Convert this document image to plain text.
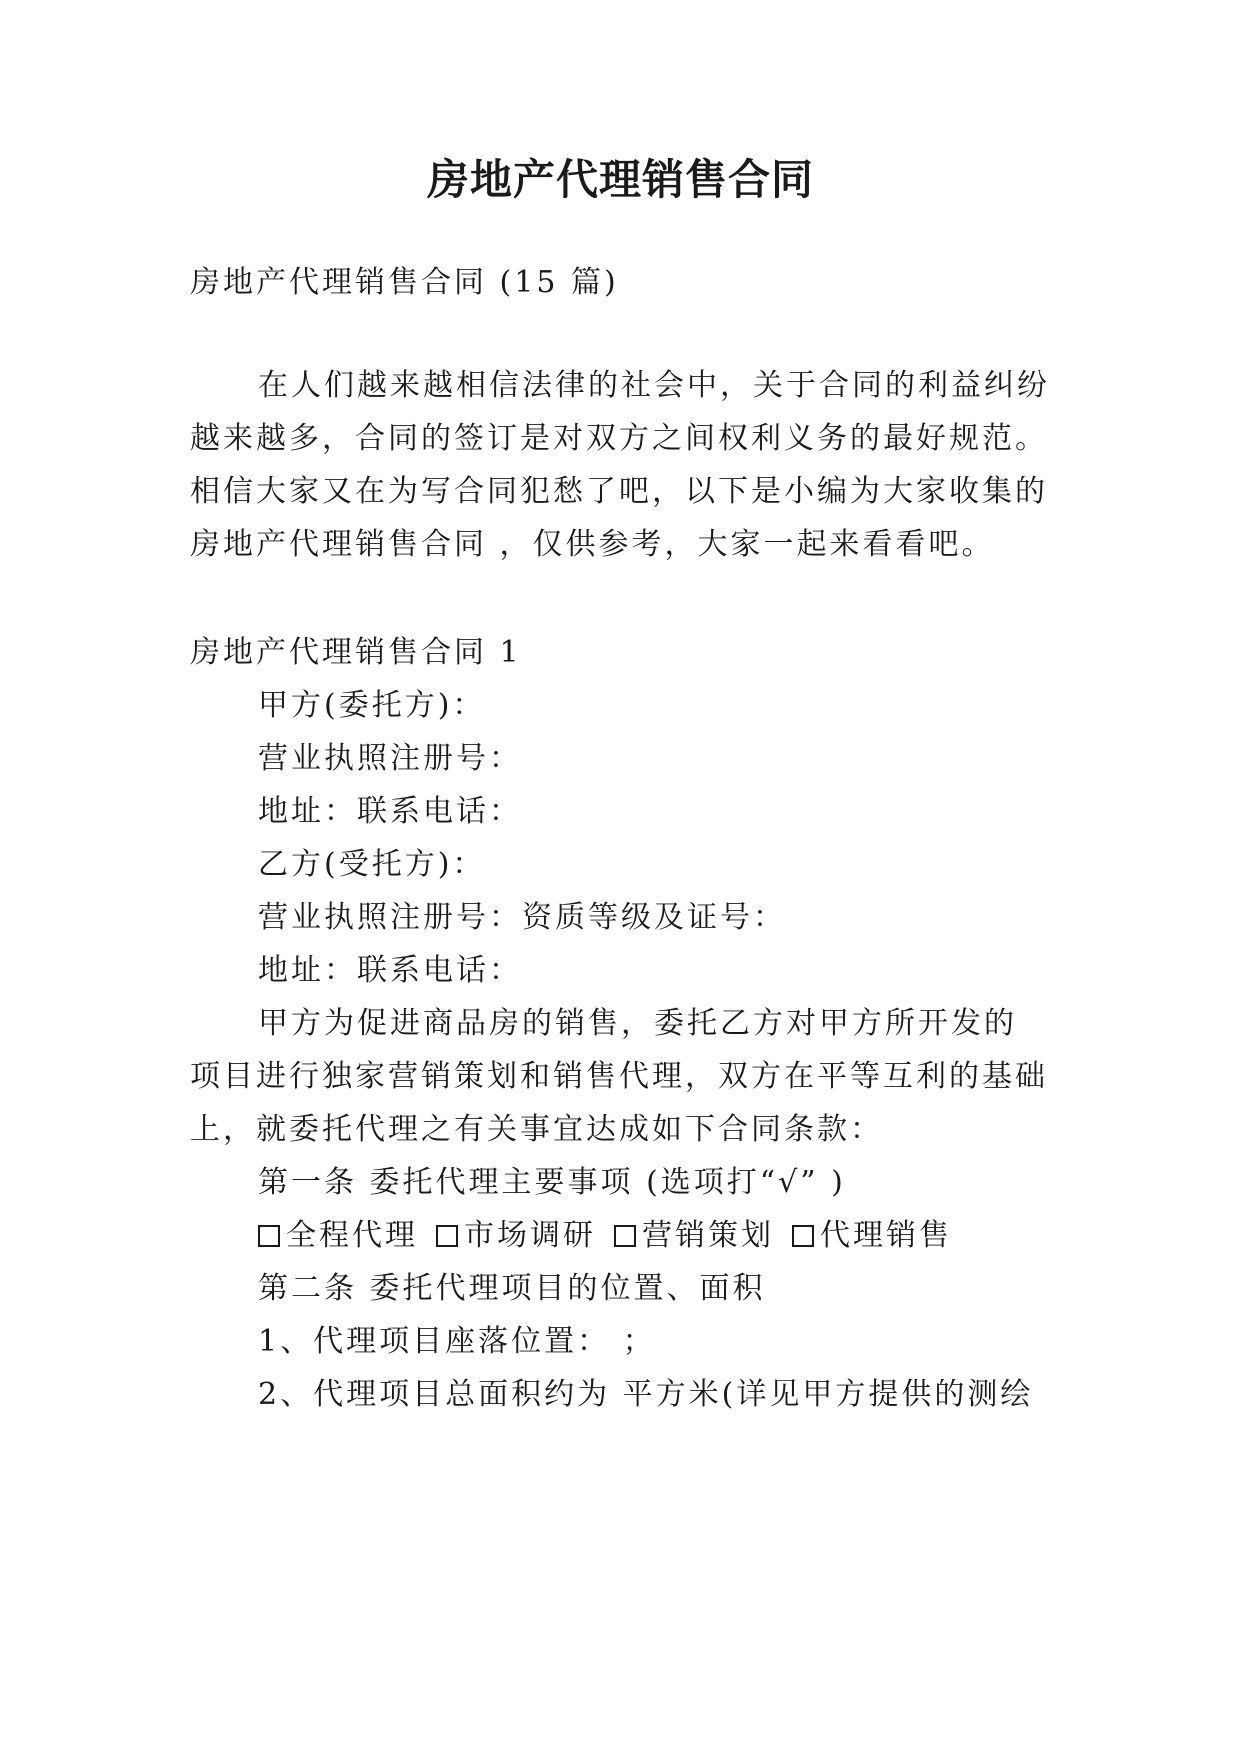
房地产代理销售合同
房地产代理销售合同 (15 篇)
在人们越来越相信法律的社会中，关于合同的利益纠纷
越来越多，合同的签订是对双方之间权利义务的最好规范。
相信大家又在为写合同犯愁了吧，以下是小编为大家收集的
房地产代理销售合同 ，仅供参考，大家一起来看看吧。
房地产代理销售合同 1
甲方(委托方)：
营业执照注册号：
地址：联系电话：
乙方(受托方)：
营业执照注册号：资质等级及证号：
地址：联系电话：
甲方为促进商品房的销售，委托乙方对甲方所开发的
项目进行独家营销策划和销售代理，双方在平等互利的基础
上，就委托代理之有关事宜达成如下合同条款：
第一条 委托代理主要事项 (选项打“√” )
全程代理 市场调研 营销策划 代理销售
第二条 委托代理项目的位置、面积
1、代理项目座落位置： ；
2、代理项目总面积约为 平方米(详见甲方提供的测绘
